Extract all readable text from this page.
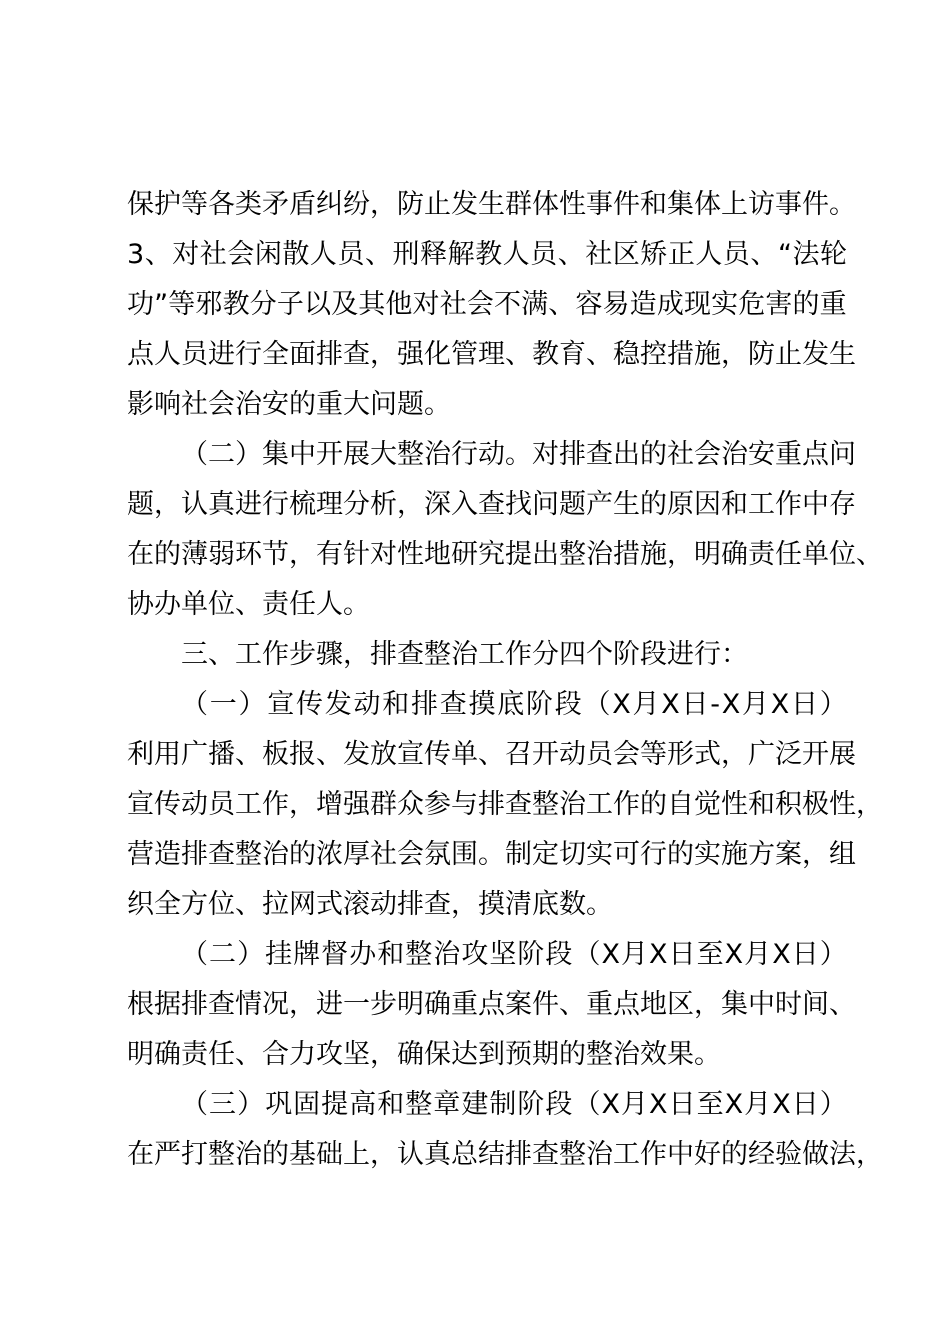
保 护 等 各 类 矛 盾 纠 纷 ， 防 止 发 生 群 体 性 事 件 和 集 体 上 访 事 件 。
3 、 对 社 会 闲 散 人 员 、 刑 释 解 教 人 员 、 社 区 矫 正 人 员 、 “ 法 轮
功 ” 等 邪 教 分 子 以 及 其 他 对 社 会 不 满 、 容 易 造 成 现 实 危 害 的 重
点 人 员 进 行 全 面 排 查 ， 强 化 管 理 、 教 育 、 稳 控 措 施 ， 防 止 发 生
影响社会治安的重大问题。
（ 二 ） 集 中 开 展 大 整 治 行 动 。 对 排 查 出 的 社 会 治 安 重 点 问
题 ， 认 真 进 行 梳 理 分 析 ， 深 入 查 找 问 题 产 生 的 原 因 和 工 作 中 存
在 的 薄 弱 环 节 ， 有 针 对 性 地 研 究 提 出 整 治 措 施 ， 明 确 责 任 单 位 、
协办单位、责任人。
三、工作步骤，排查整治工作分四个阶段进行：
（ 一 ） 宣 传 发 动 和 排 查 摸 底 阶 段 （ X 月 X 日 - X 月 X 日 ）
利 用 广 播 、 板 报 、 发 放 宣 传 单 、 召 开 动 员 会 等 形 式 ， 广 泛 开 展
宣 传 动 员 工 作 ， 增 强 群 众 参 与 排 查 整 治 工 作 的 自 觉 性 和 积 极 性 ，
营 造 排 查 整 治 的 浓 厚 社 会 氛 围 。 制 定 切 实 可 行 的 实 施 方 案 ， 组
织全方位、拉网式滚动排查，摸清底数。
（ 二 ） 挂 牌 督 办 和 整 治 攻 坚 阶 段 （ X 月 X 日 至 X 月 X 日 ）
根 据 排 查 情 况 ， 进 一 步 明 确 重 点 案 件 、 重 点 地 区 ， 集 中 时 间 、
明确责任、合力攻坚，确保达到预期的整治效果。
（ 三 ） 巩 固 提 高 和 整 章 建 制 阶 段 （ X 月 X 日 至 X 月 X 日 ）
在 严 打 整 治 的 基 础 上 ， 认 真 总 结 排 查 整 治 工 作 中 好 的 经 验 做 法 ，
